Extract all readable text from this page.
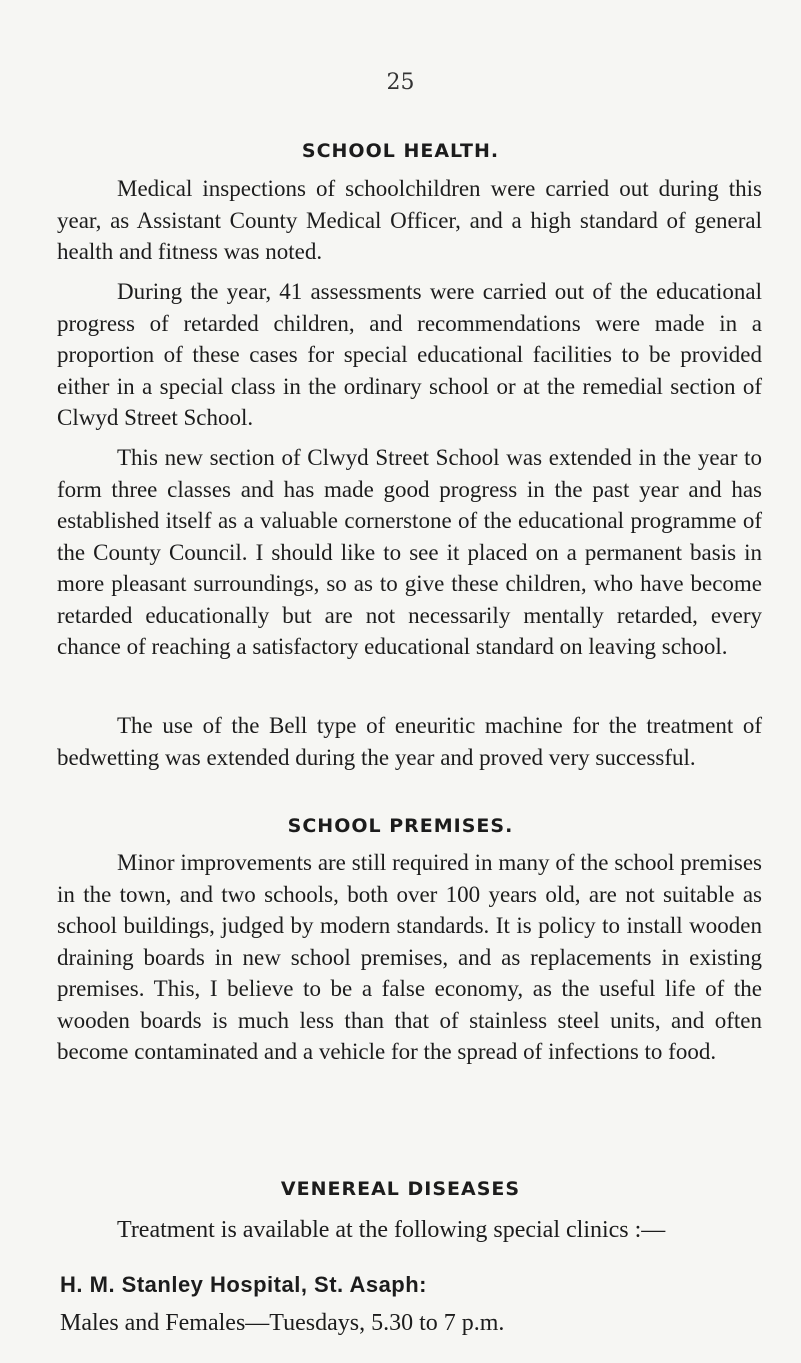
25
SCHOOL HEALTH.

Medical inspections of schoolchildren were carried out during this year, as Assistant County Medical Officer, and a high standard of general health and fitness was noted.

During the year, 41 assessments were carried out of the educational progress of retarded children, and recommendations were made in a proportion of these cases for special educational facilities to be provided either in a special class in the ordinary school or at the remedial section of Clwyd Street School.

This new section of Clwyd Street School was extended in the year to form three classes and has made good progress in the past year and has established itself as a valuable cornerstone of the educational programme of the County Council. I should like to see it placed on a permanent basis in more pleasant surroundings, so as to give these children, who have become retarded educationally but are not necessarily mentally retarded, every chance of reaching a satisfactory educational standard on leaving school.

The use of the Bell type of eneuritic machine for the treatment of bedwetting was extended during the year and proved very successful.

SCHOOL PREMISES.

Minor improvements are still required in many of the school premises in the town, and two schools, both over 100 years old, are not suitable as school buildings, judged by modern standards. It is policy to install wooden draining boards in new school premises, and as replacements in existing premises. This, I believe to be a false economy, as the useful life of the wooden boards is much less than that of stainless steel units, and often become contaminated and a vehicle for the spread of infections to food.

VENEREAL DISEASES

Treatment is available at the following special clinics :—

H. M. Stanley Hospital, St. Asaph:
Males and Females—Tuesdays, 5.30 to 7 p.m.
